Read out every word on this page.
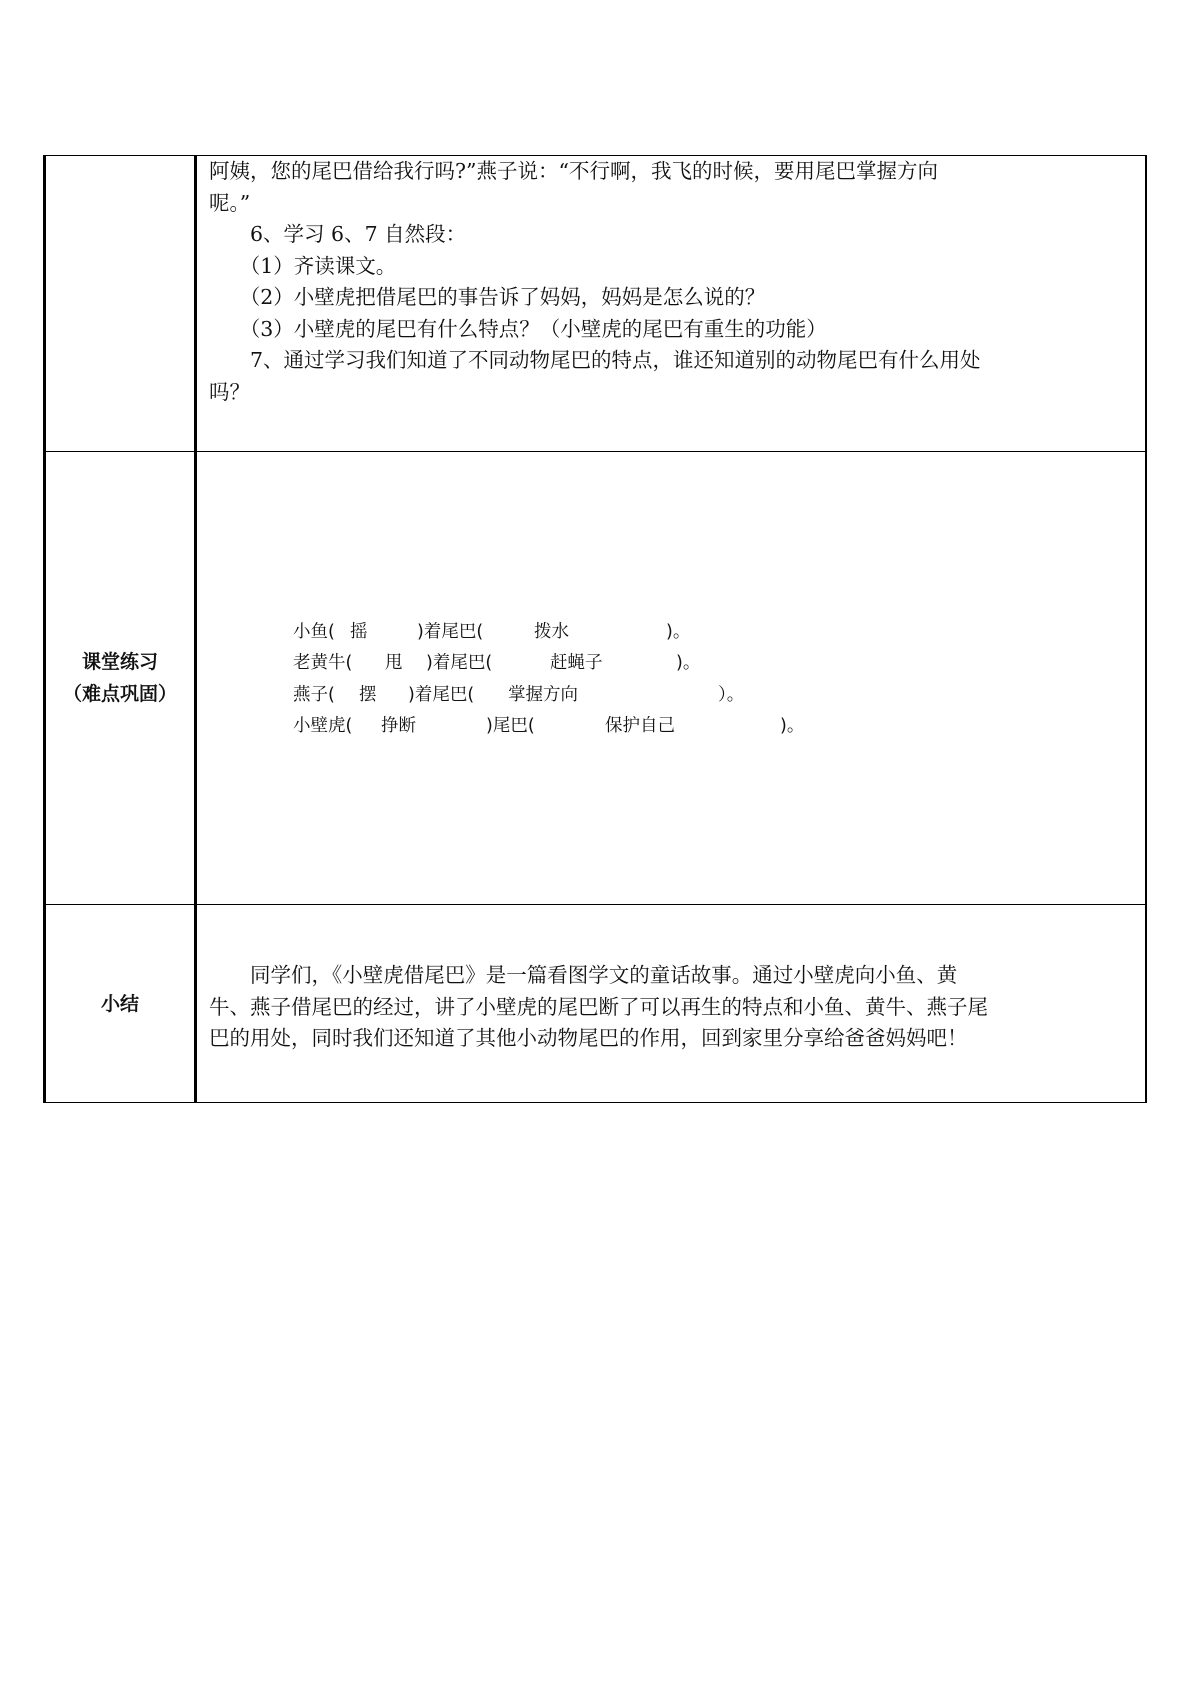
阿姨，您的尾巴借给我行吗?”燕子说：“不行啊，我飞的时候，要用尾巴掌握方向
呢。”
　　6、学习 6、7 自然段：
　　（1）齐读课文。
　　（2）小壁虎把借尾巴的事告诉了妈妈，妈妈是怎么说的？
　　（3）小壁虎的尾巴有什么特点？（小壁虎的尾巴有重生的功能）
　　7、通过学习我们知道了不同动物尾巴的特点，谁还知道别的动物尾巴有什么用处
吗？
课堂练习
（难点巩固）
小鱼( 摇	)着尾巴(	拨水	)。
老黄牛( 甩 )着尾巴(	赶蝇子	)。
燕子( 摆 )着尾巴( 掌握方向	）。
小壁虎( 挣断	)尾巴(	保护自己	)。
小结
　　同学们，《小壁虎借尾巴》是一篇看图学文的童话故事。通过小壁虎向小鱼、黄
牛、燕子借尾巴的经过，讲了小壁虎的尾巴断了可以再生的特点和小鱼、黄牛、燕子尾
巴的用处，同时我们还知道了其他小动物尾巴的作用，回到家里分享给爸爸妈妈吧！
